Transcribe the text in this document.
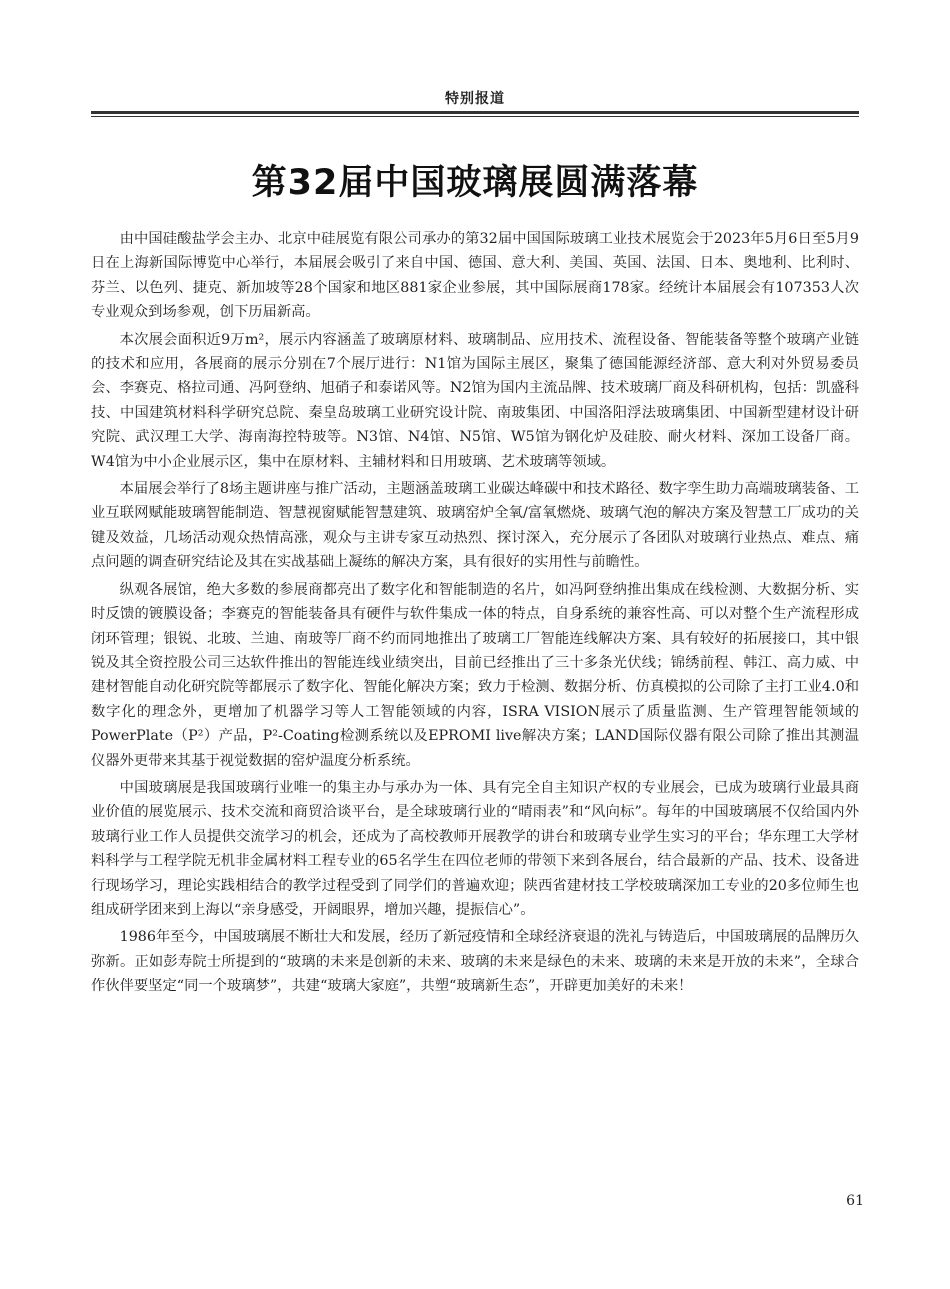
特别报道
第32届中国玻璃展圆满落幕

由中国硅酸盐学会主办、北京中硅展览有限公司承办的第32届中国国际玻璃工业技术展览会于2023年5月6日至5月9日在上海新国际博览中心举行，本届展会吸引了来自中国、德国、意大利、美国、英国、法国、日本、奥地利、比利时、芬兰、以色列、捷克、新加坡等28个国家和地区881家企业参展，其中国际展商178家。经统计本届展会有107353人次专业观众到场参观，创下历届新高。

本次展会面积近9万m²，展示内容涵盖了玻璃原材料、玻璃制品、应用技术、流程设备、智能装备等整个玻璃产业链的技术和应用，各展商的展示分别在7个展厅进行：N1馆为国际主展区，聚集了德国能源经济部、意大利对外贸易委员会、李赛克、格拉司通、冯阿登纳、旭硝子和泰诺风等。N2馆为国内主流品牌、技术玻璃厂商及科研机构，包括：凯盛科技、中国建筑材料科学研究总院、秦皇岛玻璃工业研究设计院、南玻集团、中国洛阳浮法玻璃集团、中国新型建材设计研究院、武汉理工大学、海南海控特玻等。N3馆、N4馆、N5馆、W5馆为钢化炉及硅胶、耐火材料、深加工设备厂商。W4馆为中小企业展示区，集中在原材料、主辅材料和日用玻璃、艺术玻璃等领域。

本届展会举行了8场主题讲座与推广活动，主题涵盖玻璃工业碳达峰碳中和技术路径、数字孪生助力高端玻璃装备、工业互联网赋能玻璃智能制造、智慧视窗赋能智慧建筑、玻璃窑炉全氧/富氧燃烧、玻璃气泡的解决方案及智慧工厂成功的关键及效益，几场活动观众热情高涨，观众与主讲专家互动热烈、探讨深入，充分展示了各团队对玻璃行业热点、难点、痛点问题的调查研究结论及其在实战基础上凝练的解决方案，具有很好的实用性与前瞻性。

纵观各展馆，绝大多数的参展商都亮出了数字化和智能制造的名片，如冯阿登纳推出集成在线检测、大数据分析、实时反馈的镀膜设备；李赛克的智能装备具有硬件与软件集成一体的特点，自身系统的兼容性高、可以对整个生产流程形成闭环管理；银锐、北玻、兰迪、南玻等厂商不约而同地推出了玻璃工厂智能连线解决方案、具有较好的拓展接口，其中银锐及其全资控股公司三达软件推出的智能连线业绩突出，目前已经推出了三十多条光伏线；锦绣前程、韩江、高力威、中建材智能自动化研究院等都展示了数字化、智能化解决方案；致力于检测、数据分析、仿真模拟的公司除了主打工业4.0和数字化的理念外，更增加了机器学习等人工智能领域的内容，ISRA VISION展示了质量监测、生产管理智能领域的PowerPlate（P²）产品，P²-Coating检测系统以及EPROMI live解决方案；LAND国际仪器有限公司除了推出其测温仪器外更带来其基于视觉数据的窑炉温度分析系统。

中国玻璃展是我国玻璃行业唯一的集主办与承办为一体、具有完全自主知识产权的专业展会，已成为玻璃行业最具商业价值的展览展示、技术交流和商贸洽谈平台，是全球玻璃行业的“晴雨表”和“风向标”。每年的中国玻璃展不仅给国内外玻璃行业工作人员提供交流学习的机会，还成为了高校教师开展教学的讲台和玻璃专业学生实习的平台；华东理工大学材料科学与工程学院无机非金属材料工程专业的65名学生在四位老师的带领下来到各展台，结合最新的产品、技术、设备进行现场学习，理论实践相结合的教学过程受到了同学们的普遍欢迎；陕西省建材技工学校玻璃深加工专业的20多位师生也组成研学团来到上海以“亲身感受，开阔眼界，增加兴趣，提振信心”。

1986年至今，中国玻璃展不断壮大和发展，经历了新冠疫情和全球经济衰退的洗礼与铸造后，中国玻璃展的品牌历久弥新。正如彭寿院士所提到的“玻璃的未来是创新的未来、玻璃的未来是绿色的未来、玻璃的未来是开放的未来”，全球合作伙伴要坚定“同一个玻璃梦”，共建“玻璃大家庭”，共塑“玻璃新生态”，开辟更加美好的未来！

61
